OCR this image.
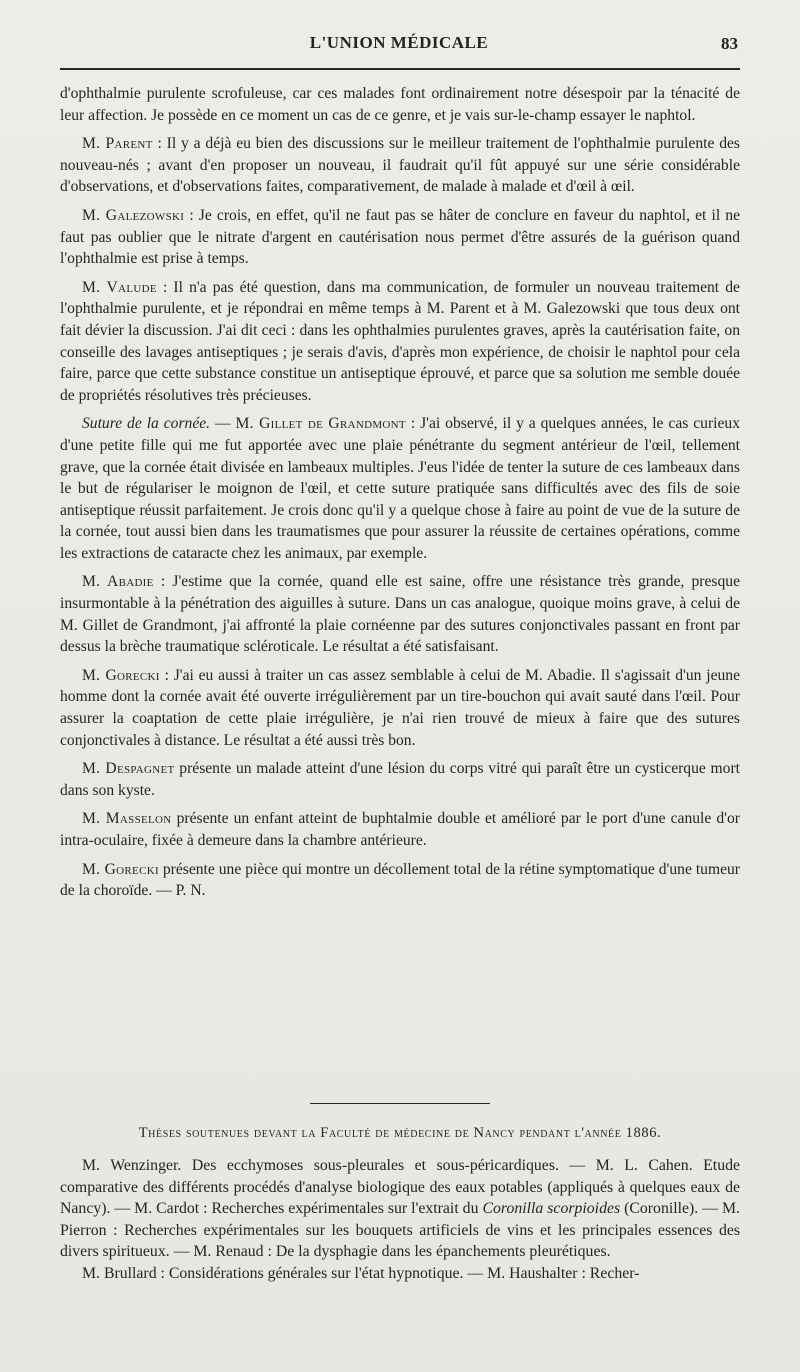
L'UNION MÉDICALE	83

d'ophthalmie purulente scrofuleuse, car ces malades font ordinairement notre désespoir par la ténacité de leur affection. Je possède en ce moment un cas de ce genre, et je vais sur-le-champ essayer le naphtol.

M. Parent : Il y a déjà eu bien des discussions sur le meilleur traitement de l'ophthalmie purulente des nouveau-nés ; avant d'en proposer un nouveau, il faudrait qu'il fût appuyé sur une série considérable d'observations, et d'observations faites, comparativement, de malade à malade et d'œil à œil.

M. Galezowski : Je crois, en effet, qu'il ne faut pas se hâter de conclure en faveur du naphtol, et il ne faut pas oublier que le nitrate d'argent en cautérisation nous permet d'être assurés de la guérison quand l'ophthalmie est prise à temps.

M. Valude : Il n'a pas été question, dans ma communication, de formuler un nouveau traitement de l'ophthalmie purulente, et je répondrai en même temps à M. Parent et à M. Galezowski que tous deux ont fait dévier la discussion. J'ai dit ceci : dans les ophthalmies purulentes graves, après la cautérisation faite, on conseille des lavages antiseptiques ; je serais d'avis, d'après mon expérience, de choisir le naphtol pour cela faire, parce que cette substance constitue un antiseptique éprouvé, et parce que sa solution me semble douée de propriétés résolutives très précieuses.

Suture de la cornée. — M. Gillet de Grandmont : J'ai observé, il y a quelques années, le cas curieux d'une petite fille qui me fut apportée avec une plaie pénétrante du segment antérieur de l'œil, tellement grave, que la cornée était divisée en lambeaux multiples. J'eus l'idée de tenter la suture de ces lambeaux dans le but de régulariser le moignon de l'œil, et cette suture pratiquée sans difficultés avec des fils de soie antiseptique réussit parfaitement. Je crois donc qu'il y a quelque chose à faire au point de vue de la suture de la cornée, tout aussi bien dans les traumatismes que pour assurer la réussite de certaines opérations, comme les extractions de cataracte chez les animaux, par exemple.

M. Abadie : J'estime que la cornée, quand elle est saine, offre une résistance très grande, presque insurmontable à la pénétration des aiguilles à suture. Dans un cas analogue, quoique moins grave, à celui de M. Gillet de Grandmont, j'ai affronté la plaie cornéenne par des sutures conjonctivales passant en front par dessus la brèche traumatique scléroticale. Le résultat a été satisfaisant.

M. Gorecki : J'ai eu aussi à traiter un cas assez semblable à celui de M. Abadie. Il s'agissait d'un jeune homme dont la cornée avait été ouverte irrégulièrement par un tire-bouchon qui avait sauté dans l'œil. Pour assurer la coaptation de cette plaie irrégulière, je n'ai rien trouvé de mieux à faire que des sutures conjonctivales à distance. Le résultat a été aussi très bon.

M. Despagnet présente un malade atteint d'une lésion du corps vitré qui paraît être un cysticerque mort dans son kyste.

M. Masselon présente un enfant atteint de buphtalmie double et amélioré par le port d'une canule d'or intra-oculaire, fixée à demeure dans la chambre antérieure.

M. Gorecki présente une pièce qui montre un décollement total de la rétine symptomatique d'une tumeur de la choroïde. — P. N.

Thèses soutenues devant la Faculté de médecine de Nancy pendant l'année 1886.

M. Wenzinger. Des ecchymoses sous-pleurales et sous-péricardiques. — M. L. Cahen. Etude comparative des différents procédés d'analyse biologique des eaux potables (appliqués à quelques eaux de Nancy). — M. Cardot : Recherches expérimentales sur l'extrait du Coronilla scorpioides (Coronille). — M. Pierron : Recherches expérimentales sur les bouquets artificiels de vins et les principales essences des divers spiritueux. — M. Renaud : De la dysphagie dans les épanchements pleurétiques.

M. Brullard : Considérations générales sur l'état hypnotique. — M. Haushalter : Recher-
